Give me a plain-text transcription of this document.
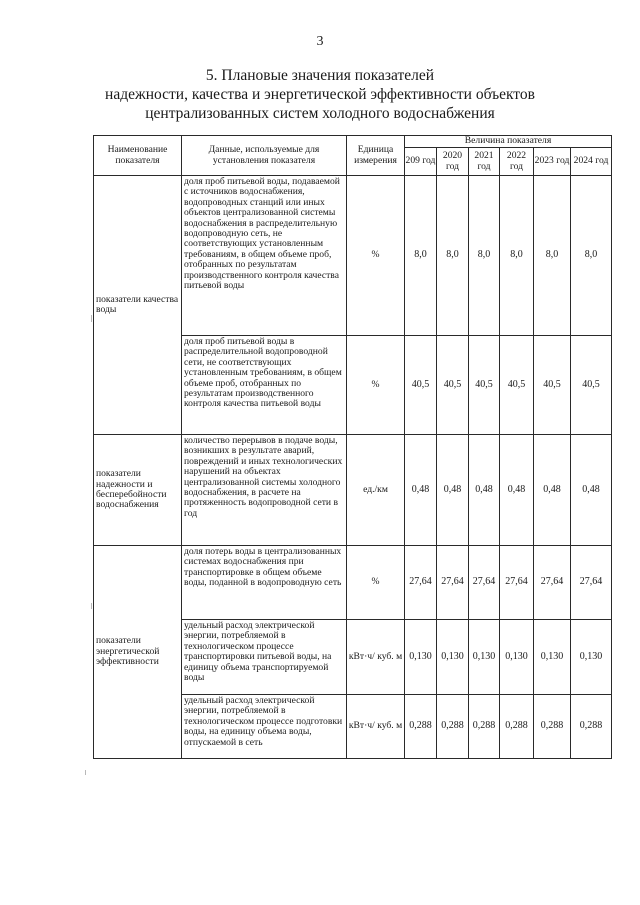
3
5. Плановые значения показателей
надежности, качества и энергетической эффективности объектов
централизованных систем холодного водоснабжения
Наименование показателя	Данные, используемые для установления показателя	Единица измерения	Величина показателя					
			209 год	2020 год	2021 год	2022 год	2023 год	2024 год
показатели качества воды	доля проб питьевой воды, подаваемой с источников водоснабжения, водопроводных станций или иных объектов централизованной системы водоснабжения в распределительную водопроводную сеть, не соответствующих установленным требованиям, в общем объеме проб, отобранных по результатам производственного контроля качества питьевой воды	%	8,0	8,0	8,0	8,0	8,0	8,0
	доля проб питьевой воды в распределительной водопроводной сети, не соответствующих установленным требованиям, в общем объеме проб, отобранных по результатам производственного контроля качества питьевой воды	%	40,5	40,5	40,5	40,5	40,5	40,5
показатели надежности и бесперебойности водоснабжения	количество перерывов в подаче воды, возникших в результате аварий, повреждений и иных технологических нарушений на объектах централизованной системы холодного водоснабжения, в расчете на протяженность водопроводной сети в год	ед./км	0,48	0,48	0,48	0,48	0,48	0,48
показатели энергетической эффективности	доля потерь воды в централизованных системах водоснабжения при транспортировке в общем объеме воды, поданной в водопроводную сеть	%	27,64	27,64	27,64	27,64	27,64	27,64
	удельный расход электрической энергии, потребляемой в технологическом процессе транспортировки питьевой воды, на единицу объема транспортируемой воды	кВт·ч/ куб. м	0,130	0,130	0,130	0,130	0,130	0,130
	удельный расход электрической энергии, потребляемой в технологическом процессе подготовки воды, на единицу объема воды, отпускаемой в сеть	кВт·ч/ куб. м	0,288	0,288	0,288	0,288	0,288	0,288
